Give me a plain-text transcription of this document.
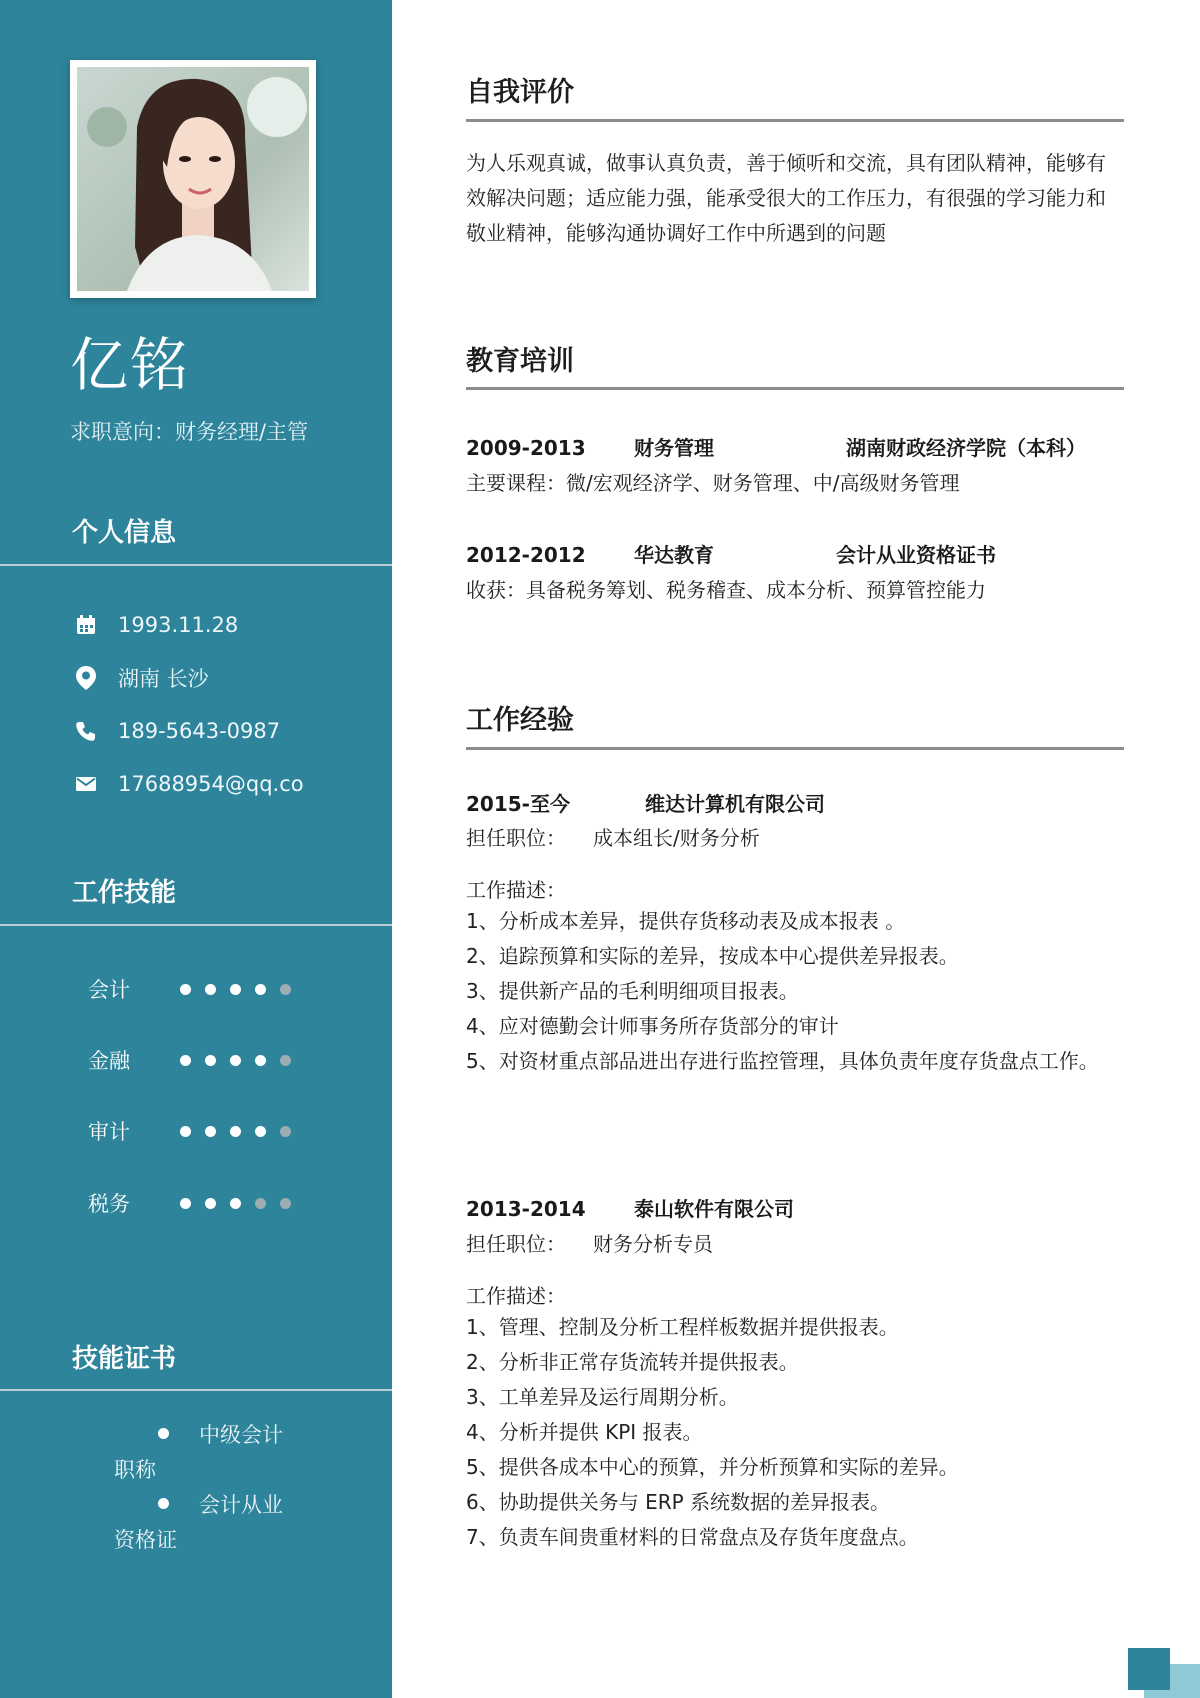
亿铭
求职意向：财务经理/主管
个人信息
1993.11.28
湖南 长沙
189-5643-0987
17688954@qq.co
工作技能
会计
金融
审计
税务
技能证书
中级会计
职称
会计从业
资格证
自我评价
为人乐观真诚，做事认真负责，善于倾听和交流，具有团队精神，能够有效解决问题；适应能力强，能承受很大的工作压力，有很强的学习能力和敬业精神，能够沟通协调好工作中所遇到的问题
教育培训
2009-2013 财务管理	湖南财政经济学院（本科）
主要课程：微/宏观经济学、财务管理、中/高级财务管理
2012-2012 华达教育	会计从业资格证书
收获：具备税务筹划、税务稽查、成本分析、预算管控能力
工作经验
2015-至今	维达计算机有限公司
担任职位： 成本组长/财务分析
工作描述：
1、分析成本差异，提供存货移动表及成本报表 。
2、追踪预算和实际的差异，按成本中心提供差异报表。
3、提供新产品的毛利明细项目报表。
4、应对德勤会计师事务所存货部分的审计
5、对资材重点部品进出存进行监控管理，具体负责年度存货盘点工作。
2013-2014 泰山软件有限公司
担任职位： 财务分析专员
工作描述：
1、管理、控制及分析工程样板数据并提供报表。
2、分析非正常存货流转并提供报表。
3、工单差异及运行周期分析。
4、分析并提供 KPI 报表。
5、提供各成本中心的预算，并分析预算和实际的差异。
6、协助提供关务与 ERP 系统数据的差异报表。
7、负责车间贵重材料的日常盘点及存货年度盘点。
